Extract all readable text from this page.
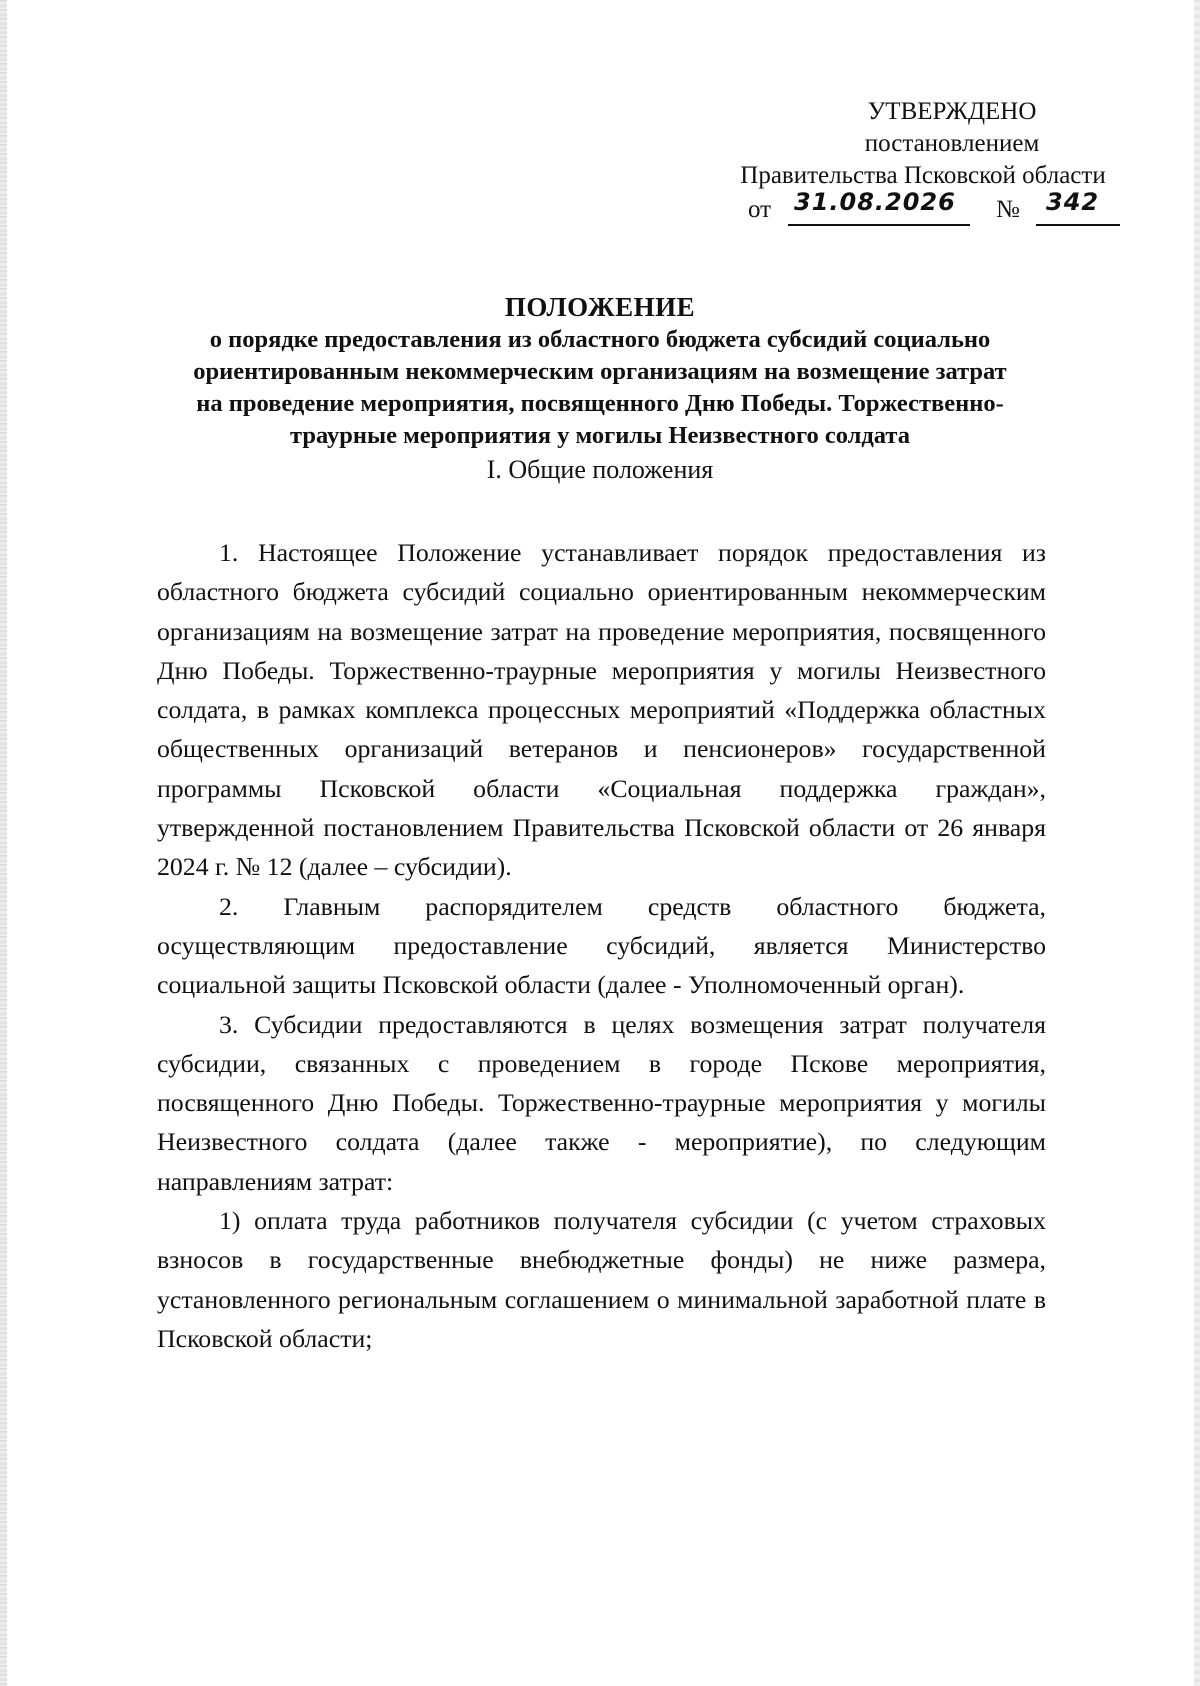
УТВЕРЖДЕНО
постановлением
Правительства Псковской области
от 31.08.2026 № 342
ПОЛОЖЕНИЕ
о порядке предоставления из областного бюджета субсидий социально
ориентированным некоммерческим организациям на возмещение затрат
на проведение мероприятия, посвященного Дню Победы. Торжественно-
траурные мероприятия у могилы Неизвестного солдата
I. Общие положения

1. Настоящее Положение устанавливает порядок предоставления из областного бюджета субсидий социально ориентированным некоммерческим организациям на возмещение затрат на проведение мероприятия, посвященного Дню Победы. Торжественно-траурные мероприятия у могилы Неизвестного солдата, в рамках комплекса процессных мероприятий «Поддержка областных общественных организаций ветеранов и пенсионеров» государственной программы Псковской области «Социальная поддержка граждан», утвержденной постановлением Правительства Псковской области от 26 января 2024 г. № 12 (далее – субсидии).

2. Главным распорядителем средств областного бюджета, осуществляющим предоставление субсидий, является Министерство социальной защиты Псковской области (далее - Уполномоченный орган).

3. Субсидии предоставляются в целях возмещения затрат получателя субсидии, связанных с проведением в городе Пскове мероприятия, посвященного Дню Победы. Торжественно-траурные мероприятия у могилы Неизвестного солдата (далее также - мероприятие), по следующим направлениям затрат:

1) оплата труда работников получателя субсидии (с учетом страховых взносов в государственные внебюджетные фонды) не ниже размера, установленного региональным соглашением о минимальной заработной плате в Псковской области;
